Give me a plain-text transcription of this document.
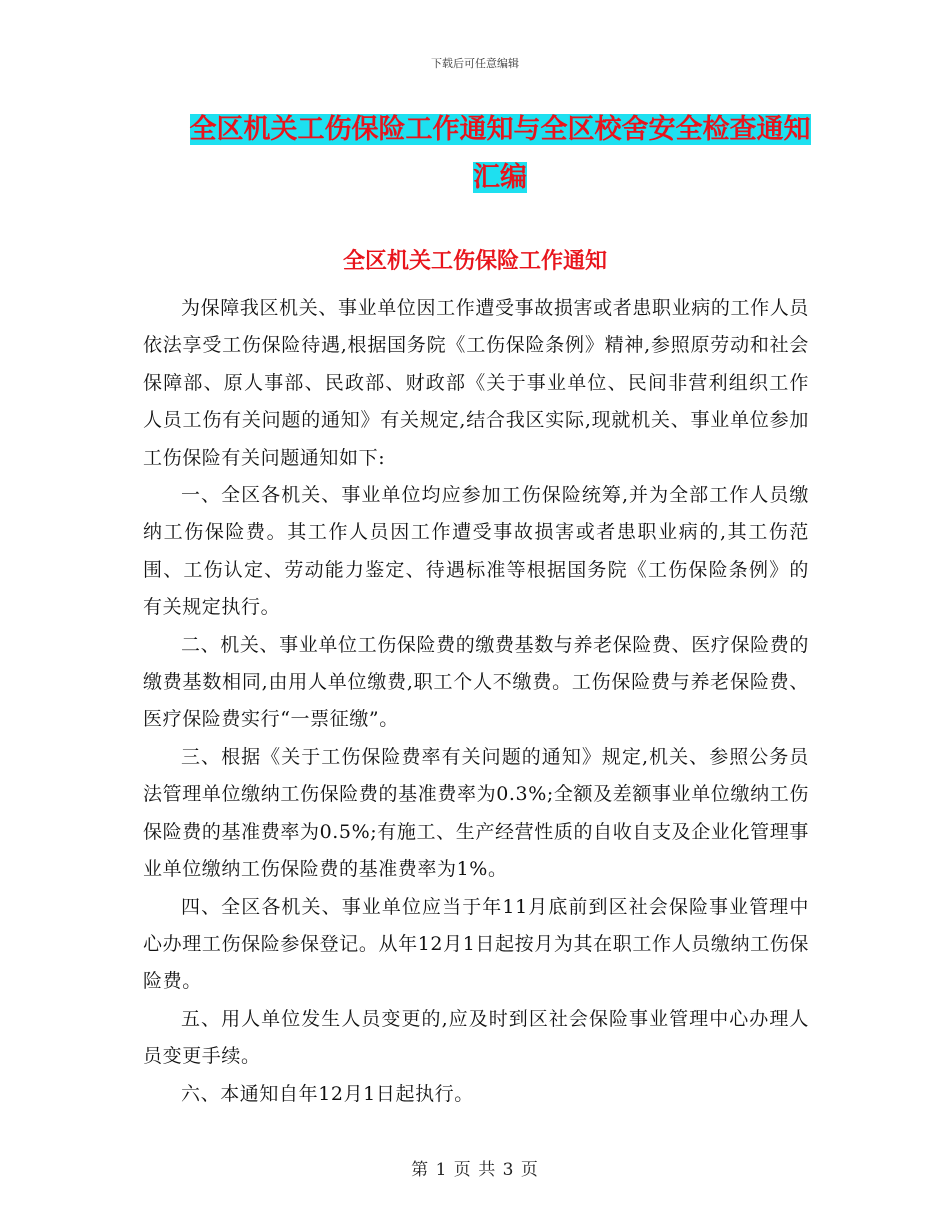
下载后可任意编辑
全区机关工伤保险工作通知与全区校舍安全检查通知
汇编
全区机关工伤保险工作通知

为保障我区机关、事业单位因工作遭受事故损害或者患职业病的工作人员依法享受工伤保险待遇,根据国务院《工伤保险条例》精神,参照原劳动和社会保障部、原人事部、民政部、财政部《关于事业单位、民间非营利组织工作人员工伤有关问题的通知》有关规定,结合我区实际,现就机关、事业单位参加工伤保险有关问题通知如下:

一、全区各机关、事业单位均应参加工伤保险统筹,并为全部工作人员缴纳工伤保险费。其工作人员因工作遭受事故损害或者患职业病的,其工伤范围、工伤认定、劳动能力鉴定、待遇标准等根据国务院《工伤保险条例》的有关规定执行。

二、机关、事业单位工伤保险费的缴费基数与养老保险费、医疗保险费的缴费基数相同,由用人单位缴费,职工个人不缴费。工伤保险费与养老保险费、医疗保险费实行“一票征缴”。

三、根据《关于工伤保险费率有关问题的通知》规定,机关、参照公务员法管理单位缴纳工伤保险费的基准费率为0.3%;全额及差额事业单位缴纳工伤保险费的基准费率为0.5%;有施工、生产经营性质的自收自支及企业化管理事业单位缴纳工伤保险费的基准费率为1%。

四、全区各机关、事业单位应当于年11月底前到区社会保险事业管理中心办理工伤保险参保登记。从年12月1日起按月为其在职工作人员缴纳工伤保险费。

五、用人单位发生人员变更的,应及时到区社会保险事业管理中心办理人员变更手续。

六、本通知自年12月1日起执行。

第 1 页 共 3 页
